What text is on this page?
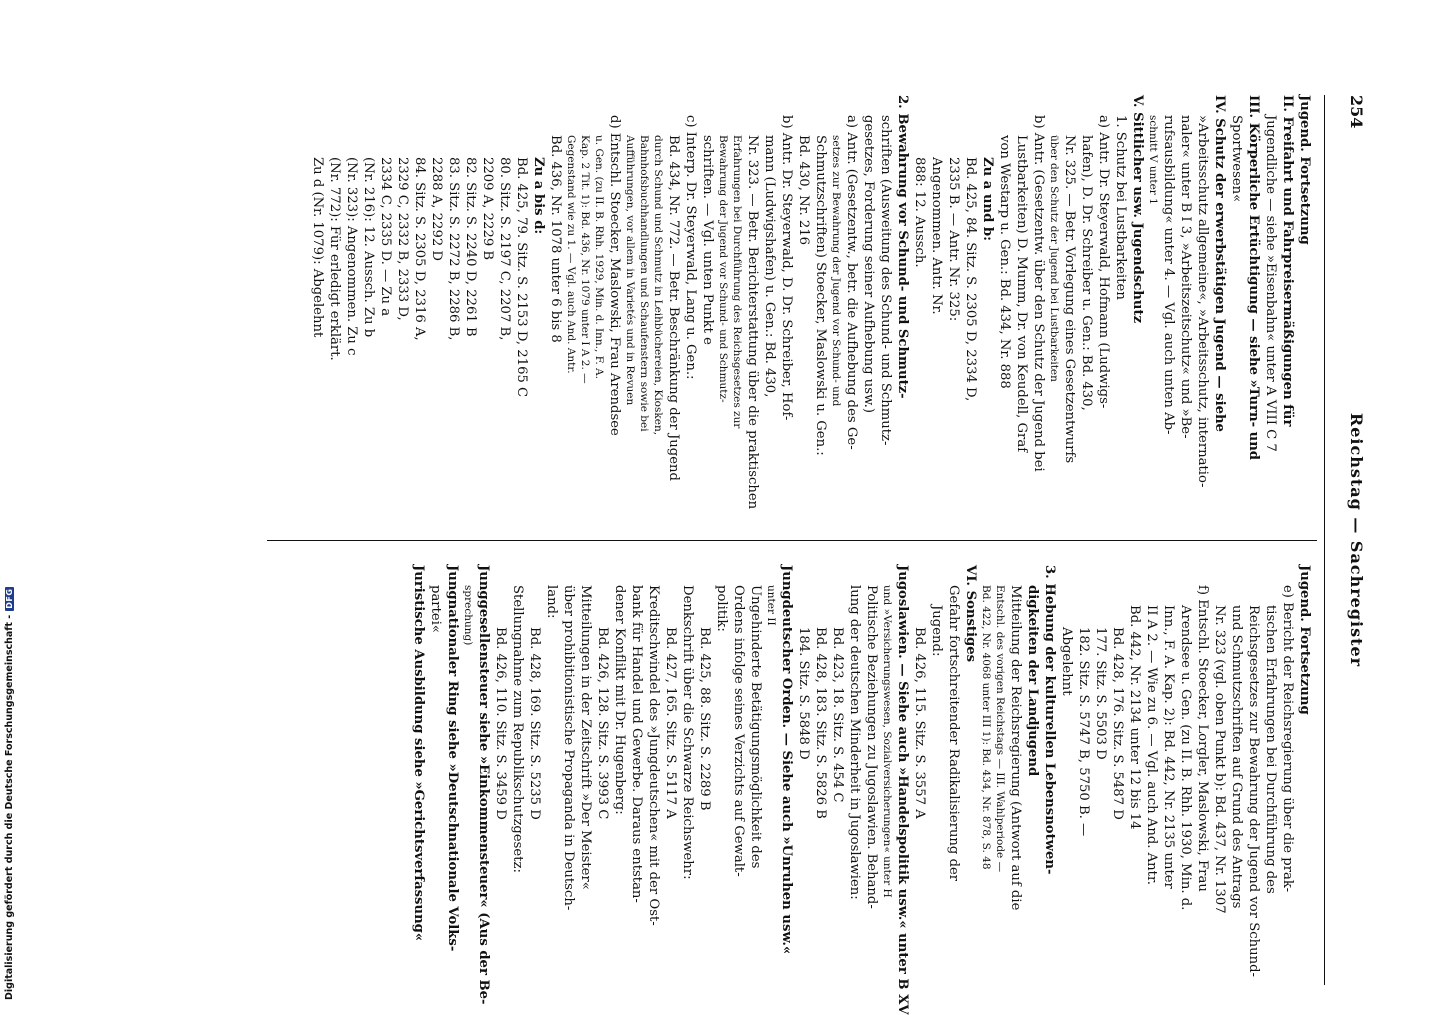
254
Reichstag — Sachregister
Jugend. Fortsetzung
II. Freifahrt und Fahrpreisermäßigungen für
Jugendliche — siehe »Eisenbahn« unter A VIII C 7
III. Körperliche Ertüchtigung — siehe »Turn- und
Sportwesen«
IV. Schutz der erwerbstätigen Jugend — siehe
»Arbeitsschutz allgemeine«, »Arbeitsschutz, internatio-
naler« unter B I 3, »Arbeitszeitschutz« und »Be-
rufsausbildung« unter 4. — Vgl. auch unten Ab-
schnitt V unter 1
V. Sittlicher usw. Jugendschutz
1. Schutz bei Lustbarkeiten
a) Antr. Dr. Steyerwald, Hofmann (Ludwigs-
hafen), D. Dr. Schreiber u. Gen.: Bd. 430,
Nr. 325. — Betr. Vorlegung eines Gesetzentwurfs
über den Schutz der Jugend bei Lustbarkeiten
b) Antr. (Gesetzentw. über den Schutz der Jugend bei
Lustbarkeiten) D. Mumm, Dr. von Keudell, Graf
von Westarp u. Gen.: Bd. 434, Nr. 888
Zu a und b:
Bd. 425, 84. Sitz. S. 2305 D, 2334 D,
2335 B. — Antr. Nr. 325:
Angenommen. Antr. Nr.
888: 12. Aussch.
2. Bewahrung vor Schund- und Schmutz-
schriften (Ausweitung des Schund- und Schmutz-
gesetzes, Forderung seiner Aufhebung usw.)
a) Antr. (Gesetzentw., betr. die Aufhebung des Ge-
setzes zur Bewahrung der Jugend vor Schund- und
Schmutzschriften) Stoecker, Maslowski u. Gen.:
Bd. 430, Nr. 216
b) Antr. Dr. Steyerwald, D. Dr. Schreiber, Hof-
mann (Ludwigshafen) u. Gen.: Bd. 430,
Nr. 323. — Betr. Berichterstattung über die praktischen
Erfahrungen bei Durchführung des Reichsgesetzes zur
Bewahrung der Jugend vor Schund- und Schmutz-
schriften. — Vgl. unten Punkt e
c) Interp. Dr. Steyerwald, Lang u. Gen.:
Bd. 434, Nr. 772. — Betr. Beschränkung der Jugend
durch Schund und Schmutz in Leihbüchereien, Kiosken,
Bahnhofsbuchhandlungen und Schaufenstern sowie bei
Aufführungen, vor allem in Varietés und in Revuen
d) Entschl. Stoecker, Maslowski, Frau Arendsee
u. Gen. (zu II. B. Rhh. 1929, Min. d. Inn., F. A.
Kap. 2 Tit. 1): Bd. 436, Nr. 1079 unter I A 2. —
Gegenstand wie zu 1. — Vgl. auch And. Antr.
Bd. 436, Nr. 1078 unter 6 bis 8
Zu a bis d:
Bd. 425, 79. Sitz. S. 2153 D, 2165 C
80. Sitz. S. 2197 C, 2207 B,
2209 A, 2229 B
82. Sitz. S. 2240 D, 2261 B
83. Sitz. S. 2272 B, 2286 B,
2288 A, 2292 D
84. Sitz. S. 2305 D, 2316 A,
2329 C, 2332 B, 2333 D,
2334 C, 2335 D. — Zu a
(Nr. 216): 12. Aussch. Zu b
(Nr. 323): Angenommen. Zu c
(Nr. 772): Für erledigt erklärt.
Zu d (Nr. 1079): Abgelehnt
Jugend. Fortsetzung
e) Bericht der Reichsregierung über die prak-
tischen Erfahrungen bei Durchführung des
Reichsgesetzes zur Bewahrung der Jugend vor Schund-
und Schmutzschriften auf Grund des Antrags
Nr. 323 (vgl. oben Punkt b): Bd. 437, Nr. 1307
f) Entschl. Stoecker, Lorgler, Maslowski, Frau
Arendsee u. Gen. (zu II. B. Rhh. 1930, Min. d.
Inn., F. A. Kap. 2): Bd. 442, Nr. 2135 unter
II A 2. — Wie zu 6. — Vgl. auch And. Antr.
Bd. 442, Nr. 2134 unter 12 bis 14
Bd. 428, 176. Sitz. S. 5487 D
177. Sitz. S. 5503 D
182. Sitz. S. 5747 B, 5750 B. —
Abgelehnt
3. Hebung der kulturellen Lebensnotwen-
digkeiten der Landjugend
Mitteilung der Reichsregierung (Antwort auf die
Entschl. des vorigen Reichstags — III. Wahlperiode —
Bd. 422, Nr. 4068 unter III 1): Bd. 434, Nr. 878, S. 48
VI. Sonstiges
Gefahr fortschreitender Radikalisierung der
Jugend:
Bd. 426, 115. Sitz. S. 3557 A
Jugoslawien. — Siehe auch »Handelspolitik usw.« unter B XV
und »Versicherungswesen, Sozialversicherungen« unter H
Politische Beziehungen zu Jugoslawien. Behand-
lung der deutschen Minderheit in Jugoslawien:
Bd. 423, 18. Sitz. S. 454 C
Bd. 428, 183. Sitz. S. 5826 B
184. Sitz. S. 5848 D
Jungdeutscher Orden. — Siehe auch »Unruhen usw.«
unter II
Ungehinderte Betätigungsmöglichkeit des
Ordens infolge seines Verzichts auf Gewalt-
politik:
Bd. 425, 88. Sitz. S. 2289 B
Denkschrift über die Schwarze Reichswehr:
Bd. 427, 165. Sitz. S. 5117 A
Kreditschwindel des »Jungdeutschen« mit der Ost-
bank für Handel und Gewerbe. Daraus entstan-
dener Konflikt mit Dr. Hugenberg:
Bd. 426, 128. Sitz. S. 3993 C
Mitteilungen in der Zeitschrift »Der Meister«
über prohibitionistische Propaganda in Deutsch-
land:
Bd. 428, 169. Sitz. S. 5235 D
Stellungnahme zum Republikschutzgesetz:
Bd. 426, 110. Sitz. S. 3459 D
Junggesellensteuer siehe »Einkommensteuer« (Aus der Be-
sprechung)
Jungnationaler Ring siehe »Deutschnationale Volks-
partei«
Juristische Ausbildung siehe »Gerichtsverfassung«
Digitalisierung gefördert durch die Deutsche Forschungsgemeinschaft -
DFG
